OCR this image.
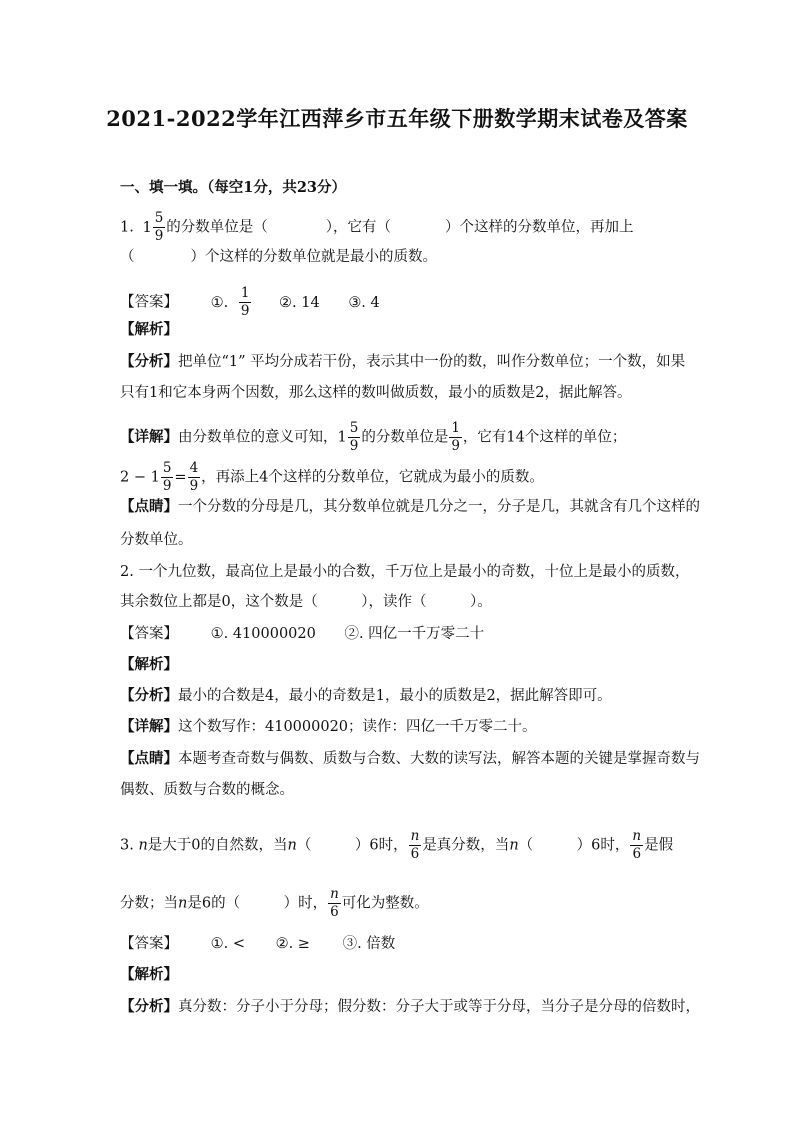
2021-2022学年江西萍乡市五年级下册数学期末试卷及答案
一、填一填。（每空1分，共23分）
1. $1 \frac{5}{9}$ 的分数单位是（	），它有（	）个这样的分数单位，再加上
（	）个这样的分数单位就是最小的质数。
【答案】 ①. $\frac{1}{9}$ ②. 14 ③. 4
【解析】
【分析】把单位“1” 平均分成若干份，表示其中一份的数，叫作分数单位；一个数，如果
只有1和它本身两个因数，那么这样的数叫做质数，最小的质数是2，据此解答。
【详解】由分数单位的意义可知，$1 \frac{5}{9}$ 的分数单位是 $\frac{1}{9}$ ，它有14个这样的单位；
$2 - 1 \frac{5}{9} = \frac{4}{9}$ ，再添上4个这样的分数单位，它就成为最小的质数。
【点睛】一个分数的分母是几，其分数单位就是几分之一，分子是几，其就含有几个这样的
分数单位。
2. 一个九位数，最高位上是最小的合数，千万位上是最小的奇数，十位上是最小的质数，
其余数位上都是0，这个数是（　　　），读作（　　　）。
【答案】 ①. 410000020 ②. 四亿一千万零二十
【解析】
【分析】最小的合数是4，最小的奇数是1，最小的质数是2，据此解答即可。
【详解】这个数写作：410000020；读作：四亿一千万零二十。
【点睛】本题考查奇数与偶数、质数与合数、大数的读写法，解答本题的关键是掌握奇数与
偶数、质数与合数的概念。
3. n是大于0的自然数，当n（　　　）6时， $\frac{n}{6}$ 是真分数，当n（　　　）6时， $\frac{n}{6}$ 是假
分数；当n是6的（　　　）时， $\frac{n}{6}$ 可化为整数。
【答案】 ①. < ②. ≥ ③. 倍数
【解析】
【分析】真分数：分子小于分母；假分数：分子大于或等于分母，当分子是分母的倍数时，
